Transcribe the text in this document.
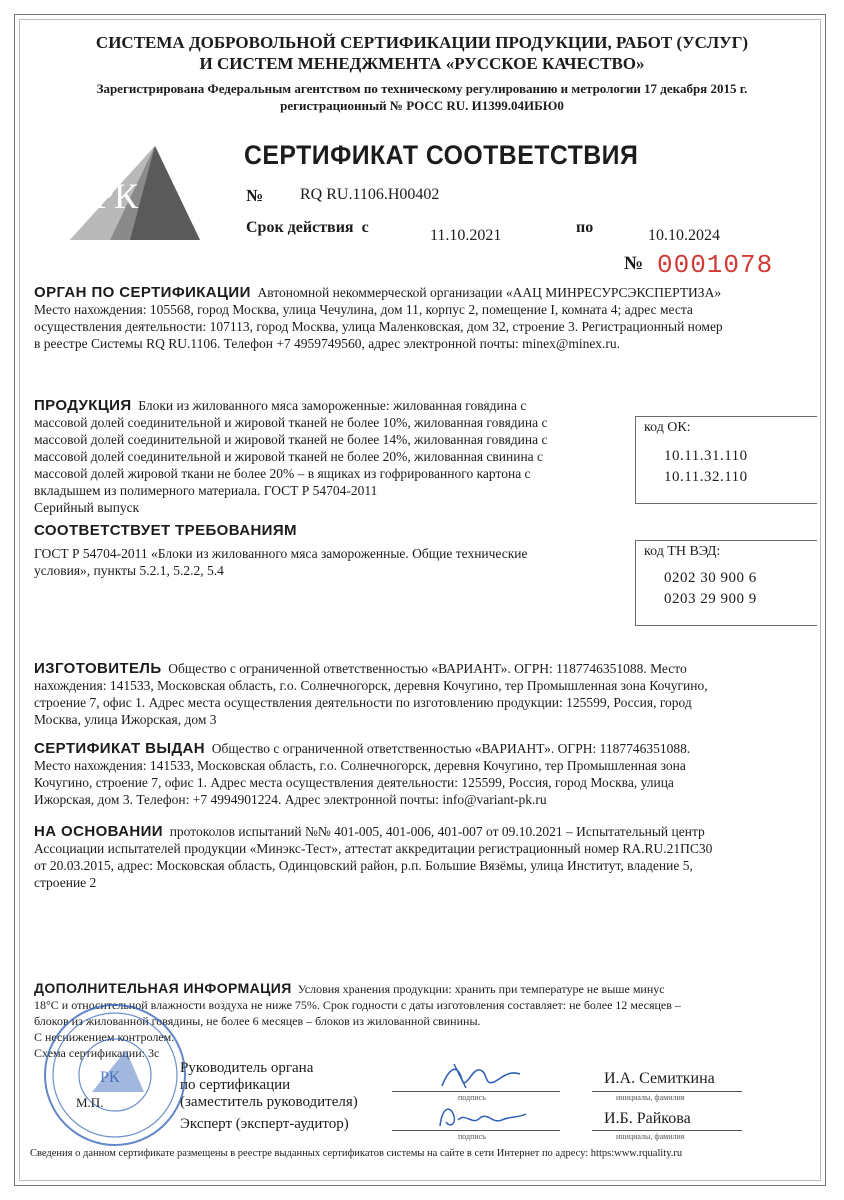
СИСТЕМА ДОБРОВОЛЬНОЙ СЕРТИФИКАЦИИ ПРОДУКЦИИ, РАБОТ (УСЛУГ)
И СИСТЕМ МЕНЕДЖМЕНТА «РУССКОЕ КАЧЕСТВО»
Зарегистрирована Федеральным агентством по техническому регулированию и метрологии 17 декабря 2015 г.
регистрационный № РОСС RU. И1399.04ИБЮ0
РК
СЕРТИФИКАТ СООТВЕТСТВИЯ
№ RQ RU.1106.H00402
Срок действия с	11.10.2021	по	10.10.2024
№ 0001078
ОРГАН ПО СЕРТИФИКАЦИИ Автономной некоммерческой организации «ААЦ МИНРЕСУРСЭКСПЕРТИЗА»
Место нахождения: 105568, город Москва, улица Чечулина, дом 11, корпус 2, помещение I, комната 4; адрес места
осуществления деятельности: 107113, город Москва, улица Маленковская, дом 32, строение 3. Регистрационный номер
в реестре Системы RQ RU.1106. Телефон +7 4959749560, адрес электронной почты: minex@minex.ru.
ПРОДУКЦИЯ Блоки из жилованного мяса замороженные: жилованная говядина с
массовой долей соединительной и жировой тканей не более 10%, жилованная говядина с
массовой долей соединительной и жировой тканей не более 14%, жилованная говядина с
массовой долей соединительной и жировой тканей не более 20%, жилованная свинина с
массовой долей жировой ткани не более 20% – в ящиках из гофрированного картона с
вкладышем из полимерного материала. ГОСТ Р 54704-2011
Серийный выпуск
код ОК:
10.11.31.110
10.11.32.110
СООТВЕТСТВУЕТ ТРЕБОВАНИЯМ
ГОСТ Р 54704-2011 «Блоки из жилованного мяса замороженные. Общие технические
условия», пункты 5.2.1, 5.2.2, 5.4
код ТН ВЭД:
0202 30 900 6
0203 29 900 9
ИЗГОТОВИТЕЛЬ Общество с ограниченной ответственностью «ВАРИАНТ». ОГРН: 1187746351088. Место
нахождения: 141533, Московская область, г.о. Солнечногорск, деревня Кочугино, тер Промышленная зона Кочугино,
строение 7, офис 1. Адрес места осуществления деятельности по изготовлению продукции: 125599, Россия, город
Москва, улица Ижорская, дом 3
СЕРТИФИКАТ ВЫДАН Общество с ограниченной ответственностью «ВАРИАНТ». ОГРН: 1187746351088.
Место нахождения: 141533, Московская область, г.о. Солнечногорск, деревня Кочугино, тер Промышленная зона
Кочугино, строение 7, офис 1. Адрес места осуществления деятельности: 125599, Россия, город Москва, улица
Ижорская, дом 3. Телефон: +7 4994901224. Адрес электронной почты: info@variant-pk.ru
НА ОСНОВАНИИ протоколов испытаний №№ 401-005, 401-006, 401-007 от 09.10.2021 – Испытательный центр
Ассоциации испытателей продукции «Минэкс-Тест», аттестат аккредитации регистрационный номер RA.RU.21ПС30
от 20.03.2015, адрес: Московская область, Одинцовский район, р.п. Большие Вязёмы, улица Институт, владение 5,
строение 2
ДОПОЛНИТЕЛЬНАЯ ИНФОРМАЦИЯ Условия хранения продукции: хранить при температуре не выше минус
18°С и относительной влажности воздуха не ниже 75%. Срок годности с даты изготовления составляет: не более 12 месяцев –
блоков из жилованной говядины, не более 6 месяцев – блоков из жилованной свинины.
С неснижением контролем.
Схема сертификации: 3с
РК
М.П.
Руководитель органа
по сертификации
(заместитель руководителя)	подпись
И.А. Семиткина
инициалы, фамилия
Эксперт (эксперт-аудитор)
подпись
И.Б. Райкова
инициалы, фамилия
Сведения о данном сертификате размещены в реестре выданных сертификатов системы на сайте в сети Интернет по адресу: https:www.rquality.ru
